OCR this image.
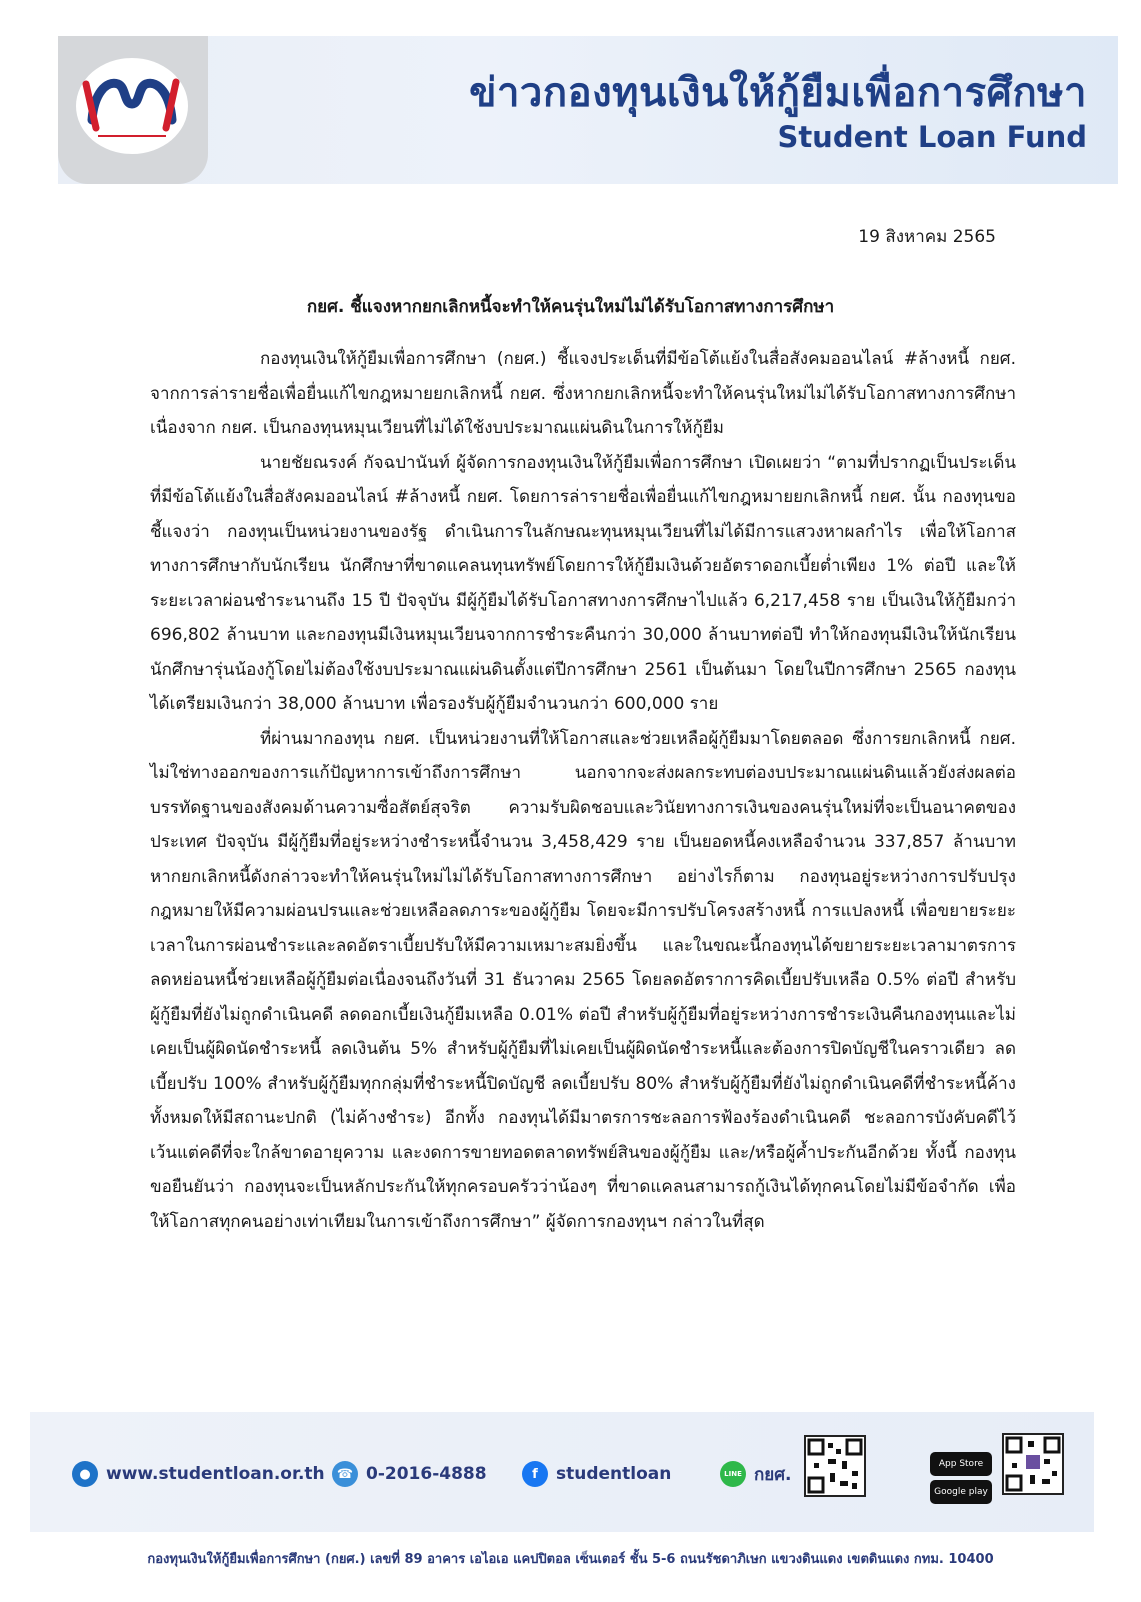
ข่าวกองทุนเงินให้กู้ยืมเพื่อการศึกษา
Student Loan Fund
19 สิงหาคม 2565
กยศ. ชี้แจงหากยกเลิกหนี้จะทำให้คนรุ่นใหม่ไม่ได้รับโอกาสทางการศึกษา

กองทุนเงินให้กู้ยืมเพื่อการศึกษา (กยศ.) ชี้แจงประเด็นที่มีข้อโต้แย้งในสื่อสังคมออนไลน์ #ล้างหนี้ กยศ. จากการล่ารายชื่อเพื่อยื่นแก้ไขกฎหมายยกเลิกหนี้ กยศ. ซึ่งหากยกเลิกหนี้จะทำให้คนรุ่นใหม่ไม่ได้รับโอกาสทางการศึกษา เนื่องจาก กยศ. เป็นกองทุนหมุนเวียนที่ไม่ได้ใช้งบประมาณแผ่นดินในการให้กู้ยืม

นายชัยณรงค์ กัจฉปานันท์ ผู้จัดการกองทุนเงินให้กู้ยืมเพื่อการศึกษา เปิดเผยว่า “ตามที่ปรากฏเป็นประเด็นที่มีข้อโต้แย้งในสื่อสังคมออนไลน์ #ล้างหนี้ กยศ. โดยการล่ารายชื่อเพื่อยื่นแก้ไขกฎหมายยกเลิกหนี้ กยศ. นั้น กองทุนขอชี้แจงว่า กองทุนเป็นหน่วยงานของรัฐ ดำเนินการในลักษณะทุนหมุนเวียนที่ไม่ได้มีการแสวงหาผลกำไร เพื่อให้โอกาสทางการศึกษากับนักเรียน นักศึกษาที่ขาดแคลนทุนทรัพย์โดยการให้กู้ยืมเงินด้วยอัตราดอกเบี้ยต่ำเพียง 1% ต่อปี และให้ระยะเวลาผ่อนชำระนานถึง 15 ปี ปัจจุบัน มีผู้กู้ยืมได้รับโอกาสทางการศึกษาไปแล้ว 6,217,458 ราย เป็นเงินให้กู้ยืมกว่า 696,802 ล้านบาท และกองทุนมีเงินหมุนเวียนจากการชำระคืนกว่า 30,000 ล้านบาทต่อปี ทำให้กองทุนมีเงินให้นักเรียน นักศึกษารุ่นน้องกู้โดยไม่ต้องใช้งบประมาณแผ่นดินตั้งแต่ปีการศึกษา 2561 เป็นต้นมา โดยในปีการศึกษา 2565 กองทุนได้เตรียมเงินกว่า 38,000 ล้านบาท เพื่อรองรับผู้กู้ยืมจำนวนกว่า 600,000 ราย

ที่ผ่านมากองทุน กยศ. เป็นหน่วยงานที่ให้โอกาสและช่วยเหลือผู้กู้ยืมมาโดยตลอด ซึ่งการยกเลิกหนี้ กยศ. ไม่ใช่ทางออกของการแก้ปัญหาการเข้าถึงการศึกษา นอกจากจะส่งผลกระทบต่องบประมาณแผ่นดินแล้วยังส่งผลต่อบรรทัดฐานของสังคมด้านความซื่อสัตย์สุจริต ความรับผิดชอบและวินัยทางการเงินของคนรุ่นใหม่ที่จะเป็นอนาคตของประเทศ ปัจจุบัน มีผู้กู้ยืมที่อยู่ระหว่างชำระหนี้จำนวน 3,458,429 ราย เป็นยอดหนี้คงเหลือจำนวน 337,857 ล้านบาท หากยกเลิกหนี้ดังกล่าวจะทำให้คนรุ่นใหม่ไม่ได้รับโอกาสทางการศึกษา อย่างไรก็ตาม กองทุนอยู่ระหว่างการปรับปรุงกฎหมายให้มีความผ่อนปรนและช่วยเหลือลดภาระของผู้กู้ยืม โดยจะมีการปรับโครงสร้างหนี้ การแปลงหนี้ เพื่อขยายระยะเวลาในการผ่อนชำระและลดอัตราเบี้ยปรับให้มีความเหมาะสมยิ่งขึ้น และในขณะนี้กองทุนได้ขยายระยะเวลามาตรการลดหย่อนหนี้ช่วยเหลือผู้กู้ยืมต่อเนื่องจนถึงวันที่ 31 ธันวาคม 2565 โดยลดอัตราการคิดเบี้ยปรับเหลือ 0.5% ต่อปี สำหรับผู้กู้ยืมที่ยังไม่ถูกดำเนินคดี ลดดอกเบี้ยเงินกู้ยืมเหลือ 0.01% ต่อปี สำหรับผู้กู้ยืมที่อยู่ระหว่างการชำระเงินคืนกองทุนและไม่เคยเป็นผู้ผิดนัดชำระหนี้ ลดเงินต้น 5% สำหรับผู้กู้ยืมที่ไม่เคยเป็นผู้ผิดนัดชำระหนี้และต้องการปิดบัญชีในคราวเดียว ลดเบี้ยปรับ 100% สำหรับผู้กู้ยืมทุกกลุ่มที่ชำระหนี้ปิดบัญชี ลดเบี้ยปรับ 80% สำหรับผู้กู้ยืมที่ยังไม่ถูกดำเนินคดีที่ชำระหนี้ค้างทั้งหมดให้มีสถานะปกติ (ไม่ค้างชำระ) อีกทั้ง กองทุนได้มีมาตรการชะลอการฟ้องร้องดำเนินคดี ชะลอการบังคับคดีไว้ เว้นแต่คดีที่จะใกล้ขาดอายุความ และงดการขายทอดตลาดทรัพย์สินของผู้กู้ยืม และ/หรือผู้ค้ำประกันอีกด้วย ทั้งนี้ กองทุนขอยืนยันว่า กองทุนจะเป็นหลักประกันให้ทุกครอบครัวว่าน้องๆ ที่ขาดแคลนสามารถกู้เงินได้ทุกคนโดยไม่มีข้อจำกัด เพื่อให้โอกาสทุกคนอย่างเท่าเทียมในการเข้าถึงการศึกษา” ผู้จัดการกองทุนฯ กล่าวในที่สุด

● www.studentloan.or.th ☎ 0-2016-4888	f	studentloan	LINE กยศ.
App Store
Google play
กองทุนเงินให้กู้ยืมเพื่อการศึกษา (กยศ.) เลขที่ 89 อาคาร เอไอเอ แคปปิตอล เซ็นเตอร์ ชั้น 5-6 ถนนรัชดาภิเษก แขวงดินแดง เขตดินแดง กทม. 10400
